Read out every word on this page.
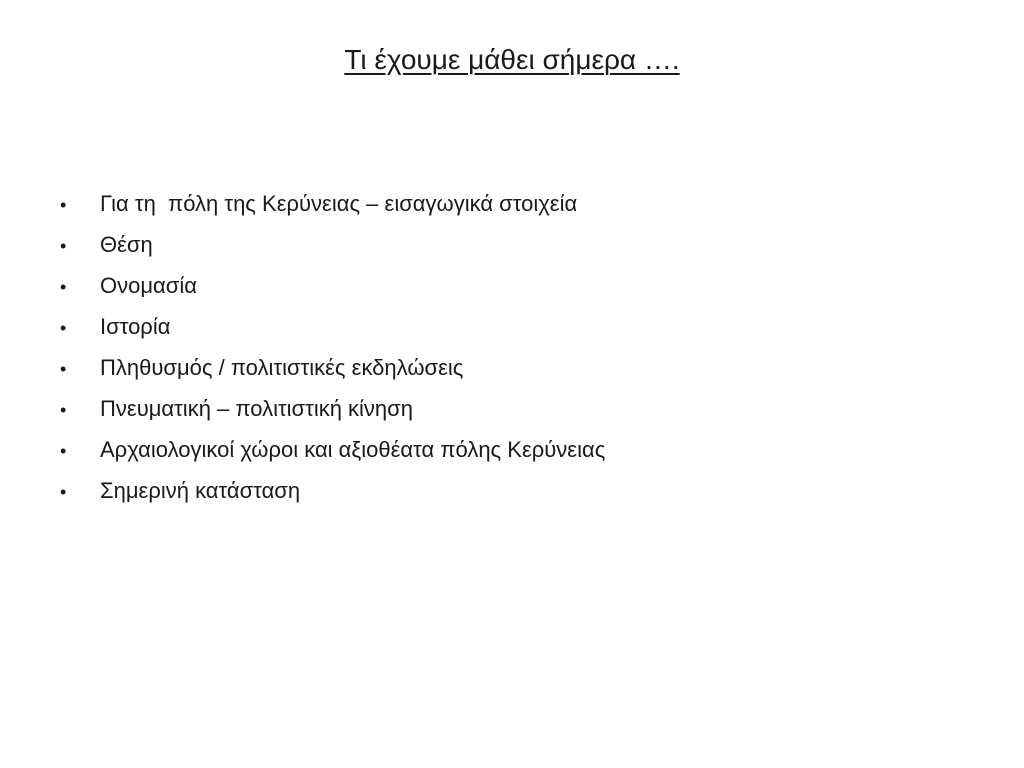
Τι έχουμε μάθει σήμερα ….
•	Για τη  πόλη της Κερύνειας – εισαγωγικά στοιχεία
•	Θέση
•	Ονομασία
•	Ιστορία
•	Πληθυσμός / πολιτιστικές εκδηλώσεις
•	Πνευματική – πολιτιστική κίνηση
•	Αρχαιολογικοί χώροι και αξιοθέατα πόλης Κερύνειας
•	Σημερινή κατάσταση
